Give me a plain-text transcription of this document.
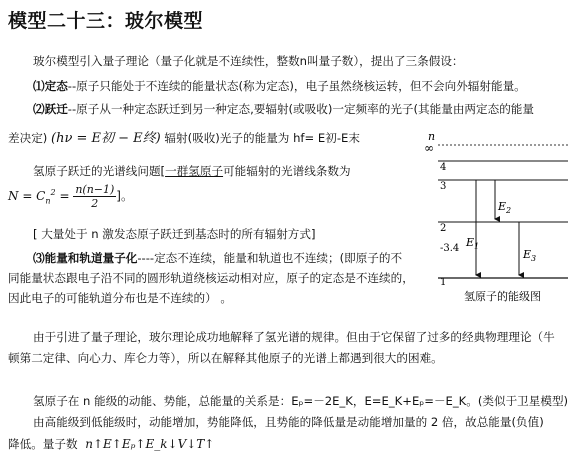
模型二十三：玻尔模型
玻尔模型引入量子理论（量子化就是不连续性，整数n叫量子数），提出了三条假设：
⑴定态--原子只能处于不连续的能量状态(称为定态)，电子虽然绕核运转，但不会向外辐射能量。
⑵跃迁--原子从一种定态跃迁到另一种定态,要辐射(或吸收)一定频率的光子(其能量由两定态的能量
差决定) (hν = E初 − E终) 辐射(吸收)光子的能量为 hf= E初-E末
氢原子跃迁的光谱线问题[一群氢原子可能辐射的光谱线条数为
$N = C_n^2 = \frac{n(n-1)}{2}$ ]。
[ 大量处于 n 激发态原子跃迁到基态时的所有辐射方式]
⑶能量和轨道量子化----定态不连续，能量和轨道也不连续；(即原子的不
同能量状态跟电子沿不同的圆形轨道绕核运动相对应，原子的定态是不连续的，
因此电子的可能轨道分布也是不连续的） 。
由于引进了量子理论，玻尔理论成功地解释了氢光谱的规律。但由于它保留了过多的经典物理理论（牛
顿第二定律、向心力、库仑力等），所以在解释其他原子的光谱上都遇到很大的困难。
氢原子在 n 能级的动能、势能，总能量的关系是：Eₚ=－2E_K，E=E_K+Eₚ=－E_K。(类似于卫星模型)
由高能级到低能级时，动能增加，势能降低，且势能的降低量是动能增加量的 2 倍，故总能量(负值)
降低。量子数 n↑E↑Eₚ↑E_k↓V↓T↑
n
∞
4
3
2
-3.4
1
$E_2$
$E_1$
$E_3$
氢原子的能级图
